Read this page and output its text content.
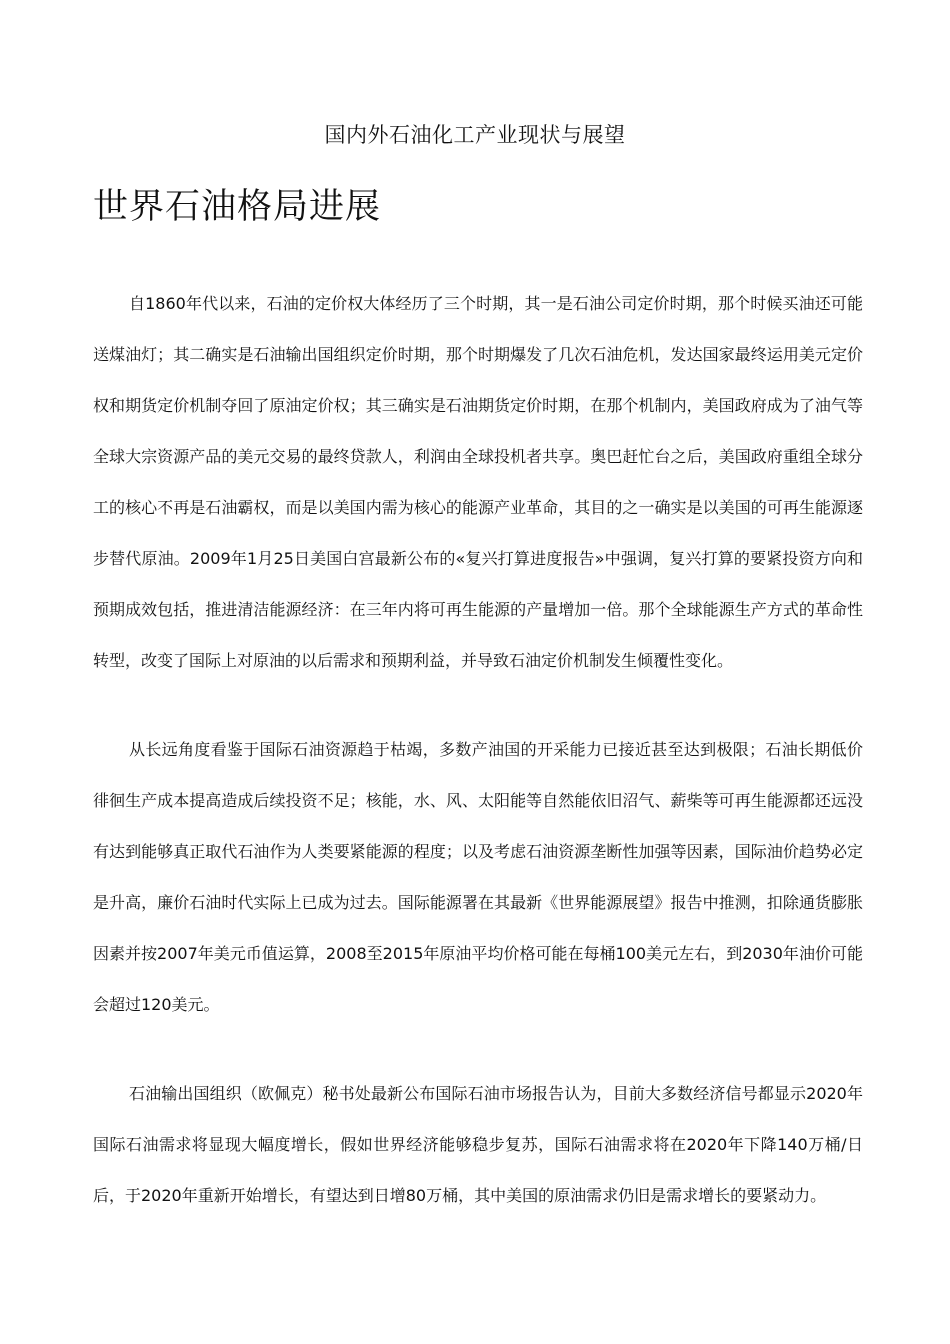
国内外石油化工产业现状与展望
世界石油格局进展

自1860年代以来，石油的定价权大体经历了三个时期，其一是石油公司定价时期，那个时候买油还可能送煤油灯；其二确实是石油输出国组织定价时期，那个时期爆发了几次石油危机，发达国家最终运用美元定价权和期货定价机制夺回了原油定价权；其三确实是石油期货定价时期，在那个机制内，美国政府成为了油气等全球大宗资源产品的美元交易的最终贷款人，利润由全球投机者共享。奥巴赶忙台之后，美国政府重组全球分工的核心不再是石油霸权，而是以美国内需为核心的能源产业革命，其目的之一确实是以美国的可再生能源逐步替代原油。2009年1月25日美国白宫最新公布的«复兴打算进度报告»中强调，复兴打算的要紧投资方向和预期成效包括，推进清洁能源经济：在三年内将可再生能源的产量增加一倍。那个全球能源生产方式的革命性转型，改变了国际上对原油的以后需求和预期利益，并导致石油定价机制发生倾覆性变化。

从长远角度看鉴于国际石油资源趋于枯竭，多数产油国的开采能力已接近甚至达到极限；石油长期低价徘徊生产成本提高造成后续投资不足；核能，水、风、太阳能等自然能依旧沼气、薪柴等可再生能源都还远没有达到能够真正取代石油作为人类要紧能源的程度；以及考虑石油资源垄断性加强等因素，国际油价趋势必定是升高，廉价石油时代实际上已成为过去。国际能源署在其最新《世界能源展望》报告中推测，扣除通货膨胀因素并按2007年美元币值运算，2008至2015年原油平均价格可能在每桶100美元左右，到2030年油价可能会超过120美元。

石油输出国组织（欧佩克）秘书处最新公布国际石油市场报告认为，目前大多数经济信号都显示2020年国际石油需求将显现大幅度增长，假如世界经济能够稳步复苏，国际石油需求将在2020年下降140万桶/日后，于2020年重新开始增长，有望达到日增80万桶，其中美国的原油需求仍旧是需求增长的要紧动力。
